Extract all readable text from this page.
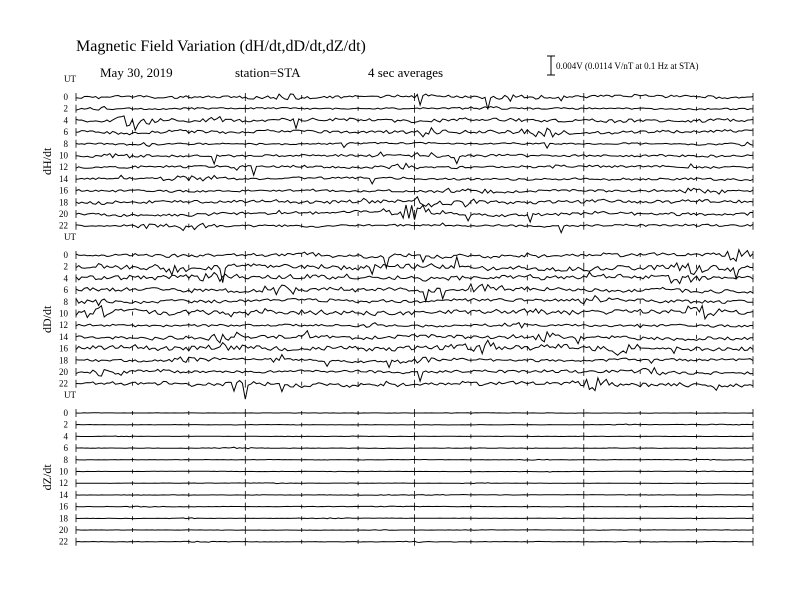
Magnetic Field Variation (dH/dt,dD/dt,dZ/dt)
May 30, 2019	station=STA	4 sec averages	0.004V (0.0114 V/nT at 0.1 Hz at STA)
UT
dH/dt
0
2
4
6
8
10
12
14
16
18
20
22
UT
dD/dt
0
2
4
6
8
10
12
14
16
18
20
22
UT
dZ/dt
0
2
4
6
8
10
12
14
16
18
20
22
